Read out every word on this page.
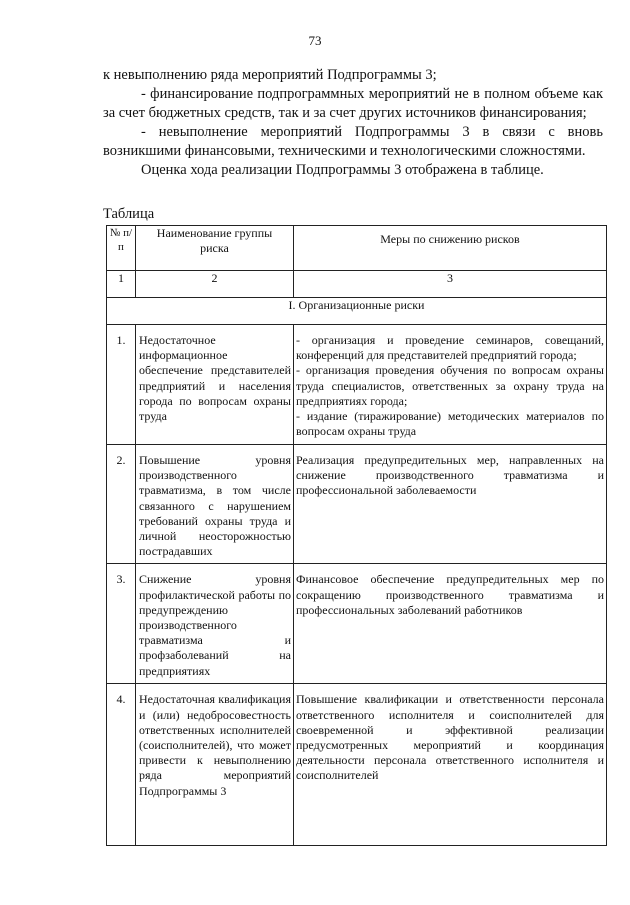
73

к невыполнению ряда мероприятий Подпрограммы 3;

- финансирование подпрограммных мероприятий не в полном объеме как за счет бюджетных средств, так и за счет других источников финансирования;

- невыполнение мероприятий Подпрограммы 3 в связи с вновь возникшими финансовыми, техническими и технологическими сложностями.

Оценка хода реализации Подпрограммы 3 отображена в таблице.

Таблица
№ п/п	Наименование группы риска	Меры по снижению рисков
1	2	3
I. Организационные риски		
1.	Недостаточное информационное обеспечение представителей предприятий и населения города по вопросам охраны труда	- организация и проведение семинаров, совещаний, конференций для представителей предприятий города;
- организация проведения обучения по вопросам охраны труда специалистов, ответственных за охрану труда на предприятиях города;
- издание (тиражирование) методических материалов по вопросам охраны труда

2.	Повышение уровня производственного травматизма, в том числе связанного с нарушением требований охраны труда и личной неосторожностью пострадавших	Реализация предупредительных мер, направленных на снижение производственного травматизма и профессиональной заболеваемости

3.	Снижение уровня профилактической работы по предупреждению производственного травматизма и профзаболеваний на предприятиях	Финансовое обеспечение предупредительных мер по сокращению производственного травматизма и профессиональных заболеваний работников

4.	Недостаточная квалификация и (или) недобросовестность ответственных исполнителей (соисполнителей), что может привести к невыполнению ряда мероприятий Подпрограммы 3	Повышение квалификации и ответственности персонала ответственного исполнителя и соисполнителей для своевременной и эффективной реализации предусмотренных мероприятий и координация деятельности персонала ответственного исполнителя и соисполнителей
